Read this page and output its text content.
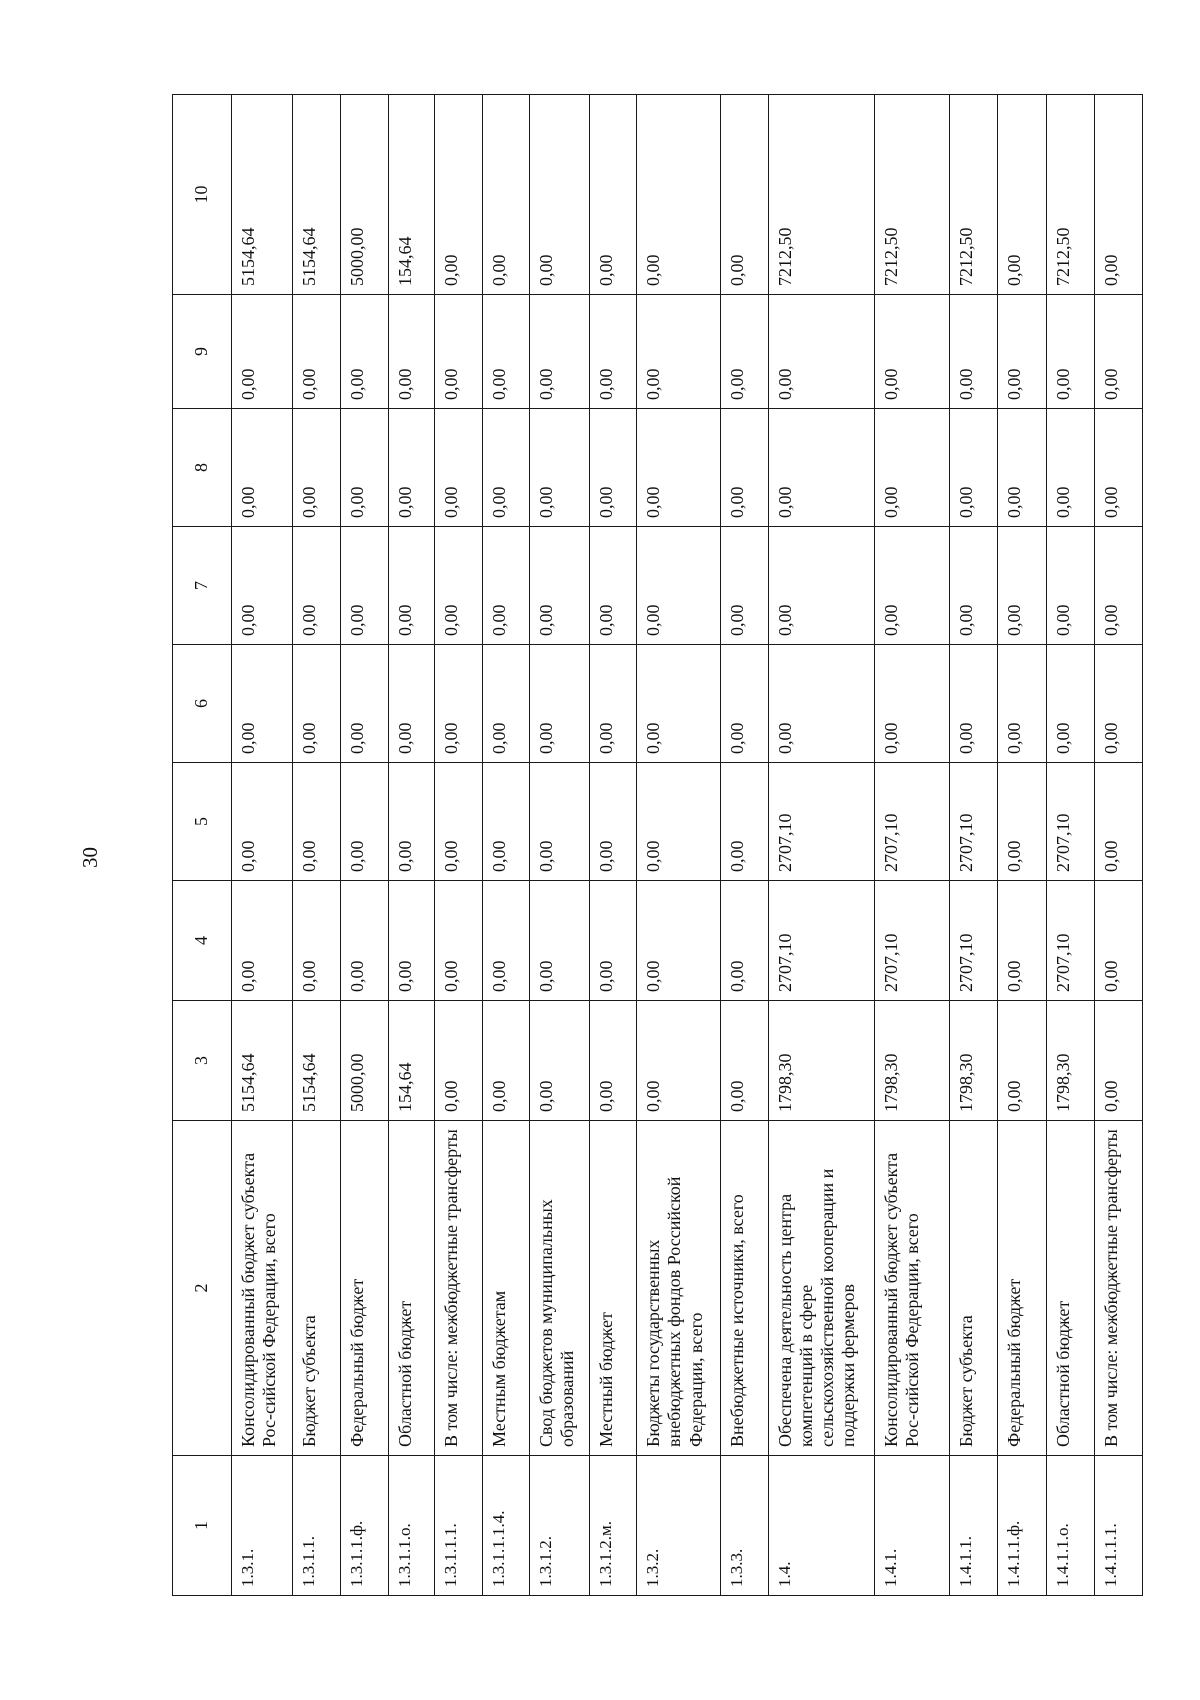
30
1	2	3	4	5	6	7	8	9	10
1.3.1.	Консолидированный бюджет субъекта Рос-сийской Федерации, всего	5154,64	0,00	0,00	0,00	0,00	0,00	0,00	5154,64
1.3.1.1.	Бюджет субъекта	5154,64	0,00	0,00	0,00	0,00	0,00	0,00	5154,64
1.3.1.1.ф.	Федеральный бюджет	5000,00	0,00	0,00	0,00	0,00	0,00	0,00	5000,00
1.3.1.1.о.	Областной бюджет	154,64	0,00	0,00	0,00	0,00	0,00	0,00	154,64
1.3.1.1.1.	В том числе: межбюджетные трансферты	0,00	0,00	0,00	0,00	0,00	0,00	0,00	0,00
1.3.1.1.1.4.	Местным бюджетам	0,00	0,00	0,00	0,00	0,00	0,00	0,00	0,00
1.3.1.2.	Свод бюджетов муниципальных образований	0,00	0,00	0,00	0,00	0,00	0,00	0,00	0,00
1.3.1.2.м.	Местный бюджет	0,00	0,00	0,00	0,00	0,00	0,00	0,00	0,00
1.3.2.	Бюджеты государственных внебюджетных фондов Российской Федерации, всего	0,00	0,00	0,00	0,00	0,00	0,00	0,00	0,00
1.3.3.	Внебюджетные источники, всего	0,00	0,00	0,00	0,00	0,00	0,00	0,00	0,00
1.4.	Обеспечена деятельность центра компетенций в сфере сельскохозяйственной кооперации и поддержки фермеров	1798,30	2707,10	2707,10	0,00	0,00	0,00	0,00	7212,50
1.4.1.	Консолидированный бюджет субъекта Рос-сийской Федерации, всего	1798,30	2707,10	2707,10	0,00	0,00	0,00	0,00	7212,50
1.4.1.1.	Бюджет субъекта	1798,30	2707,10	2707,10	0,00	0,00	0,00	0,00	7212,50
1.4.1.1.ф.	Федеральный бюджет	0,00	0,00	0,00	0,00	0,00	0,00	0,00	0,00
1.4.1.1.о.	Областной бюджет	1798,30	2707,10	2707,10	0,00	0,00	0,00	0,00	7212,50
1.4.1.1.1.	В том числе: межбюджетные трансферты	0,00	0,00	0,00	0,00	0,00	0,00	0,00	0,00
